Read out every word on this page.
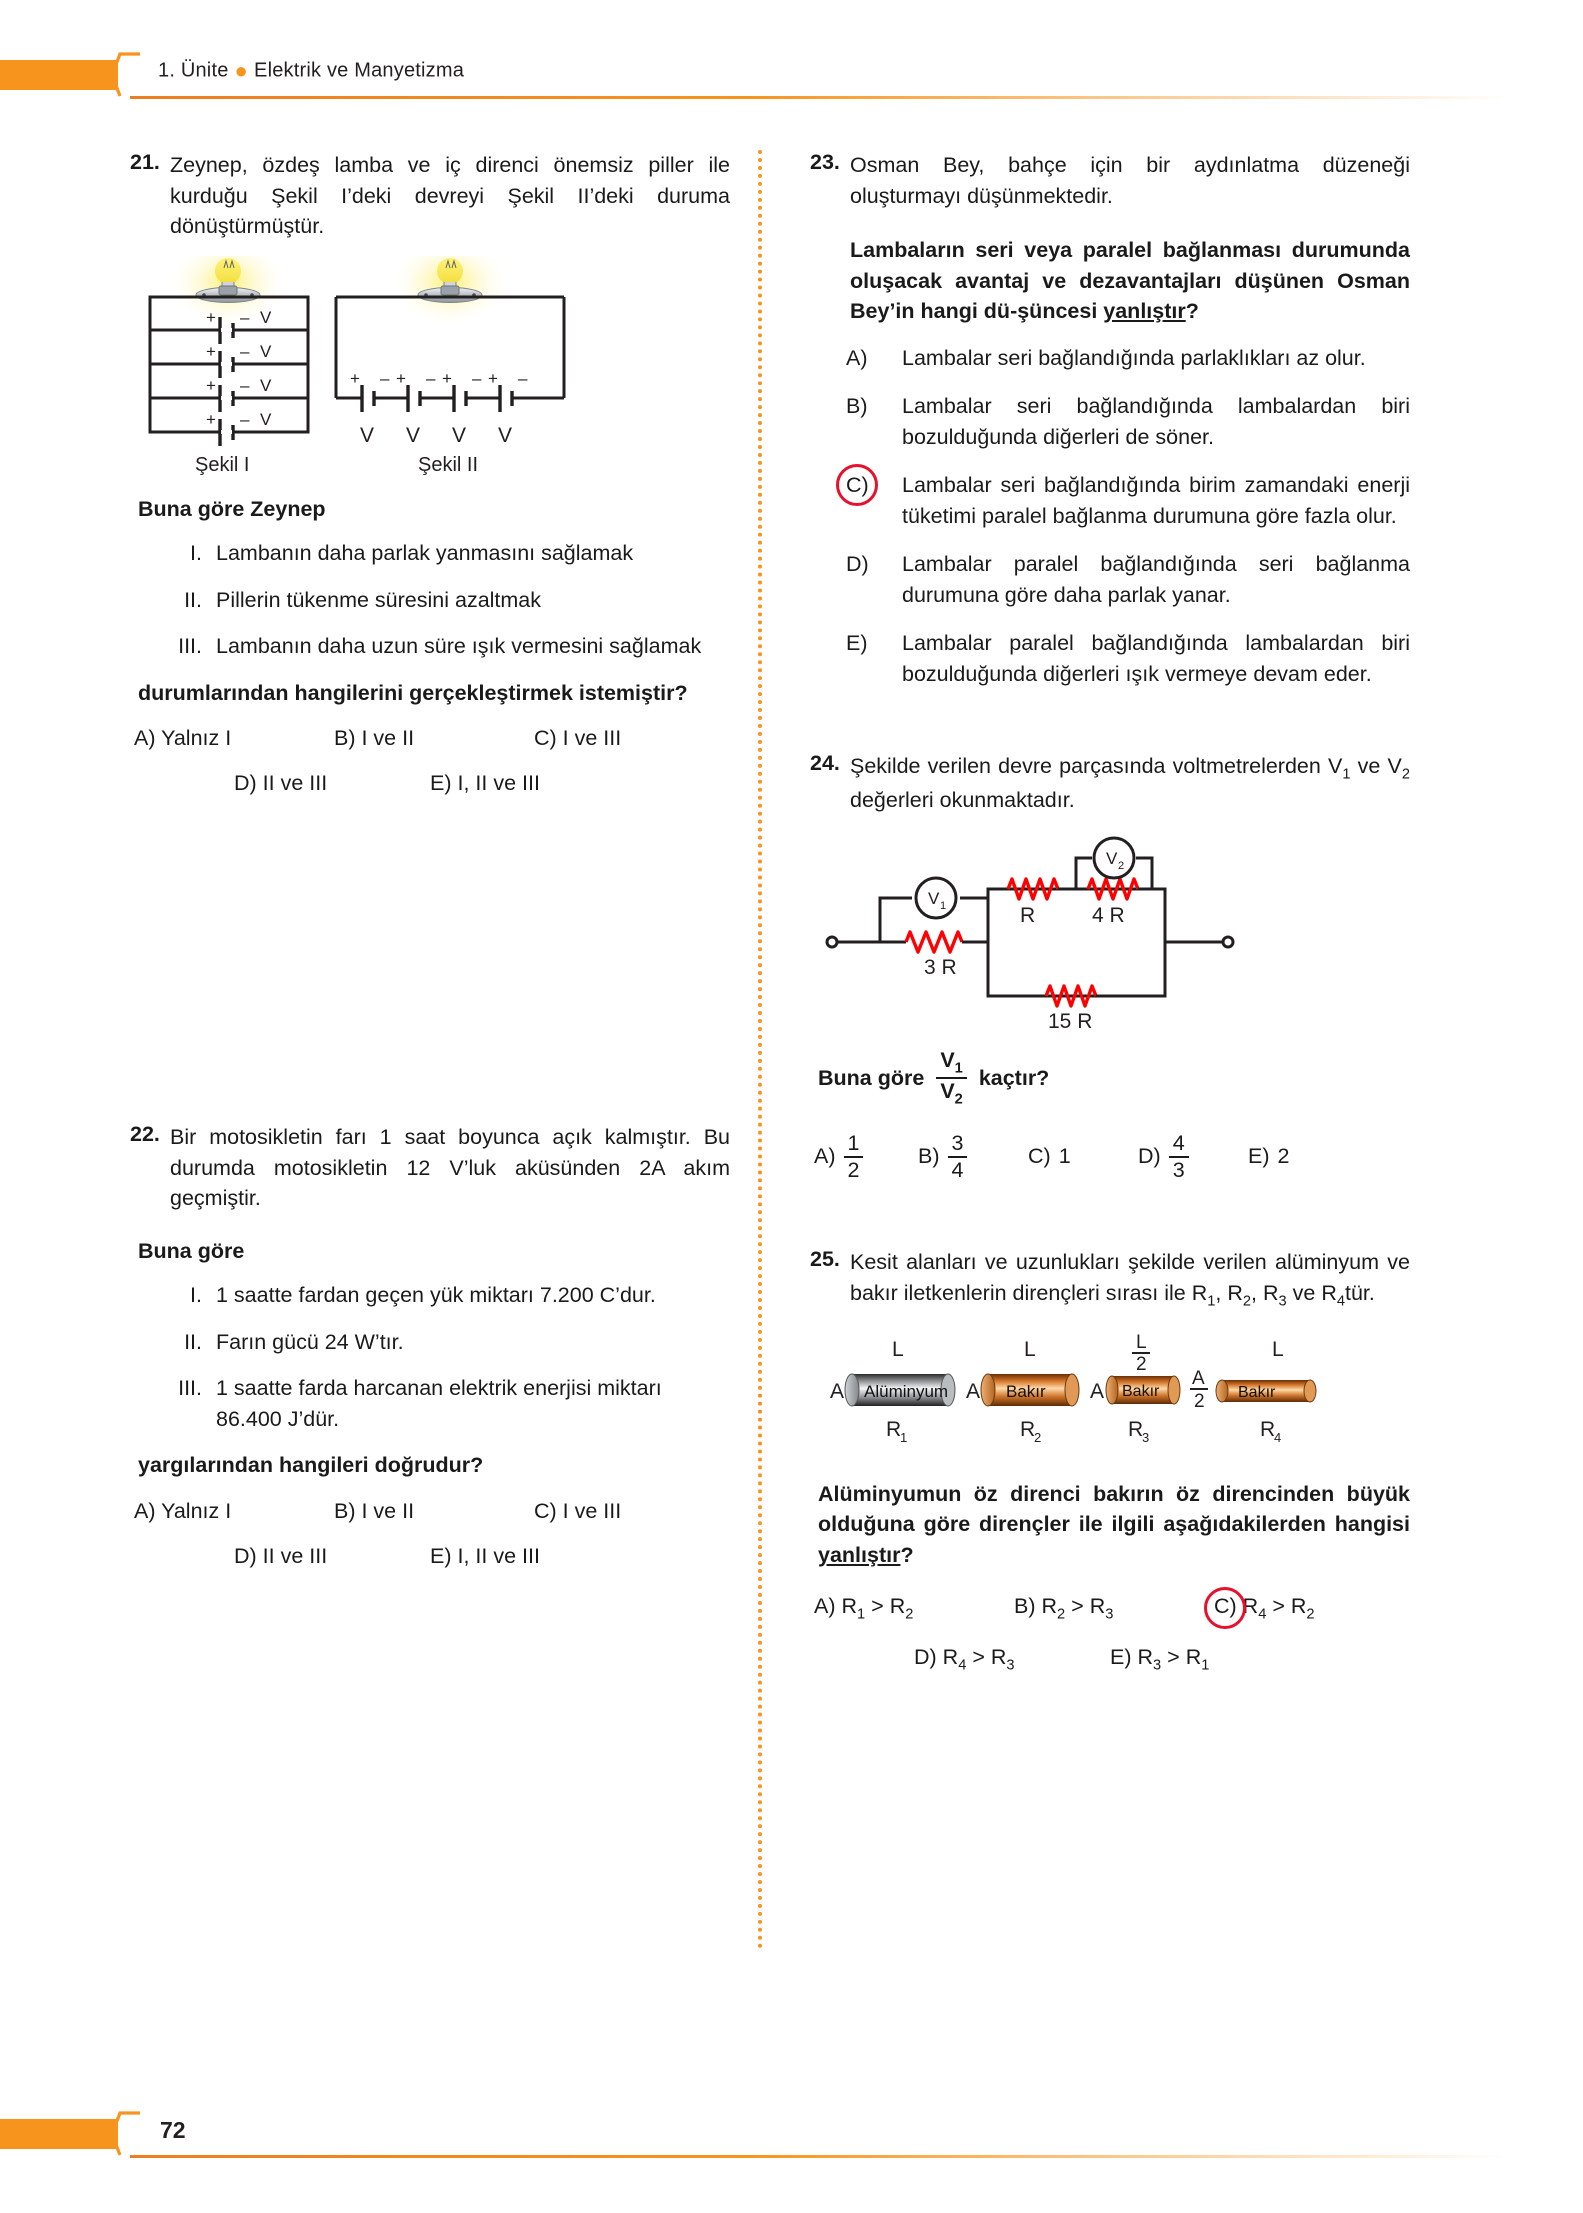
1. Ünite ● Elektrik ve Manyetizma
21. Zeynep, özdeş lamba ve iç direnci önemsiz piller ile kurduğu Şekil I’deki devreyi Şekil II’deki duruma dönüştürmüştür.
+ – V
+ – V
+ – V
+ – V
+ – + – + – + –
V V V V
Şekil I	Şekil II
Buna göre Zeynep
I. Lambanın daha parlak yanmasını sağlamak
II. Pillerin tükenme süresini azaltmak
III. Lambanın daha uzun süre ışık vermesini sağlamak
durumlarından hangilerini gerçekleştirmek istemiştir?
A) Yalnız I	B) I ve II	C) I ve III
D) II ve III	E) I, II ve III
22. Bir motosikletin farı 1 saat boyunca açık kalmıştır. Bu durumda motosikletin 12 V’luk aküsünden 2A akım geçmiştir.
Buna göre
I. 1 saatte fardan geçen yük miktarı 7.200 C’dur.
II. Farın gücü 24 W’tır.
III. 1 saatte farda harcanan elektrik enerjisi miktarı 86.400 J’dür.
yargılarından hangileri doğrudur?
A) Yalnız I	B) I ve II	C) I ve III
D) II ve III	E) I, II ve III
23. Osman Bey, bahçe için bir aydınlatma düzeneği oluşturmayı düşünmektedir.
Lambaların seri veya paralel bağlanması durumunda oluşacak avantaj ve dezavantajları düşünen Osman Bey’in hangi dü-şüncesi yanlıştır?
A)	Lambalar seri bağlandığında parlaklıkları az olur.
B)	Lambalar seri bağlandığında lambalardan biri bozulduğunda diğerleri de söner.
C)	Lambalar seri bağlandığında birim zamandaki enerji tüketimi paralel bağlanma durumuna göre fazla olur.
D)	Lambalar paralel bağlandığında seri bağlanma durumuna göre daha parlak yanar.
E)	Lambalar paralel bağlandığında lambalardan biri bozulduğunda diğerleri ışık vermeye devam eder.
24. Şekilde verilen devre parçasında voltmetrelerden $V_1$ ve $V_2$ değerleri okunmaktadır.
V 1
3 R
R	4 R
V 2
15 R
Buna göre $\frac{V_1}{V_2}$ kaçtır?
$A) \frac{1}{2}$	$B) \frac{3}{4}$	C) 1	$D) \frac{4}{3}$	E) 2
25. Kesit alanları ve uzunlukları şekilde verilen alüminyum ve bakır iletkenlerin dirençleri sırası ile $R_1$, $R_2$, $R_3$ ve $R_4tür$.
L
A Alüminyum
R
1
L
A Bakır
R
2
L
2
A Bakır
R
3
L
A
2 Bakır
R
4
Alüminyumun öz direnci bakırın öz direncinden büyük olduğuna göre dirençler ile ilgili aşağıdakilerden hangisi yanlıştır?
A) $R_1 > R_2$	B) $R_2 > R_3$	C) $R_4 > R_2$
D) $R_4 > R_3$	E) $R_3 > R_1$
72
